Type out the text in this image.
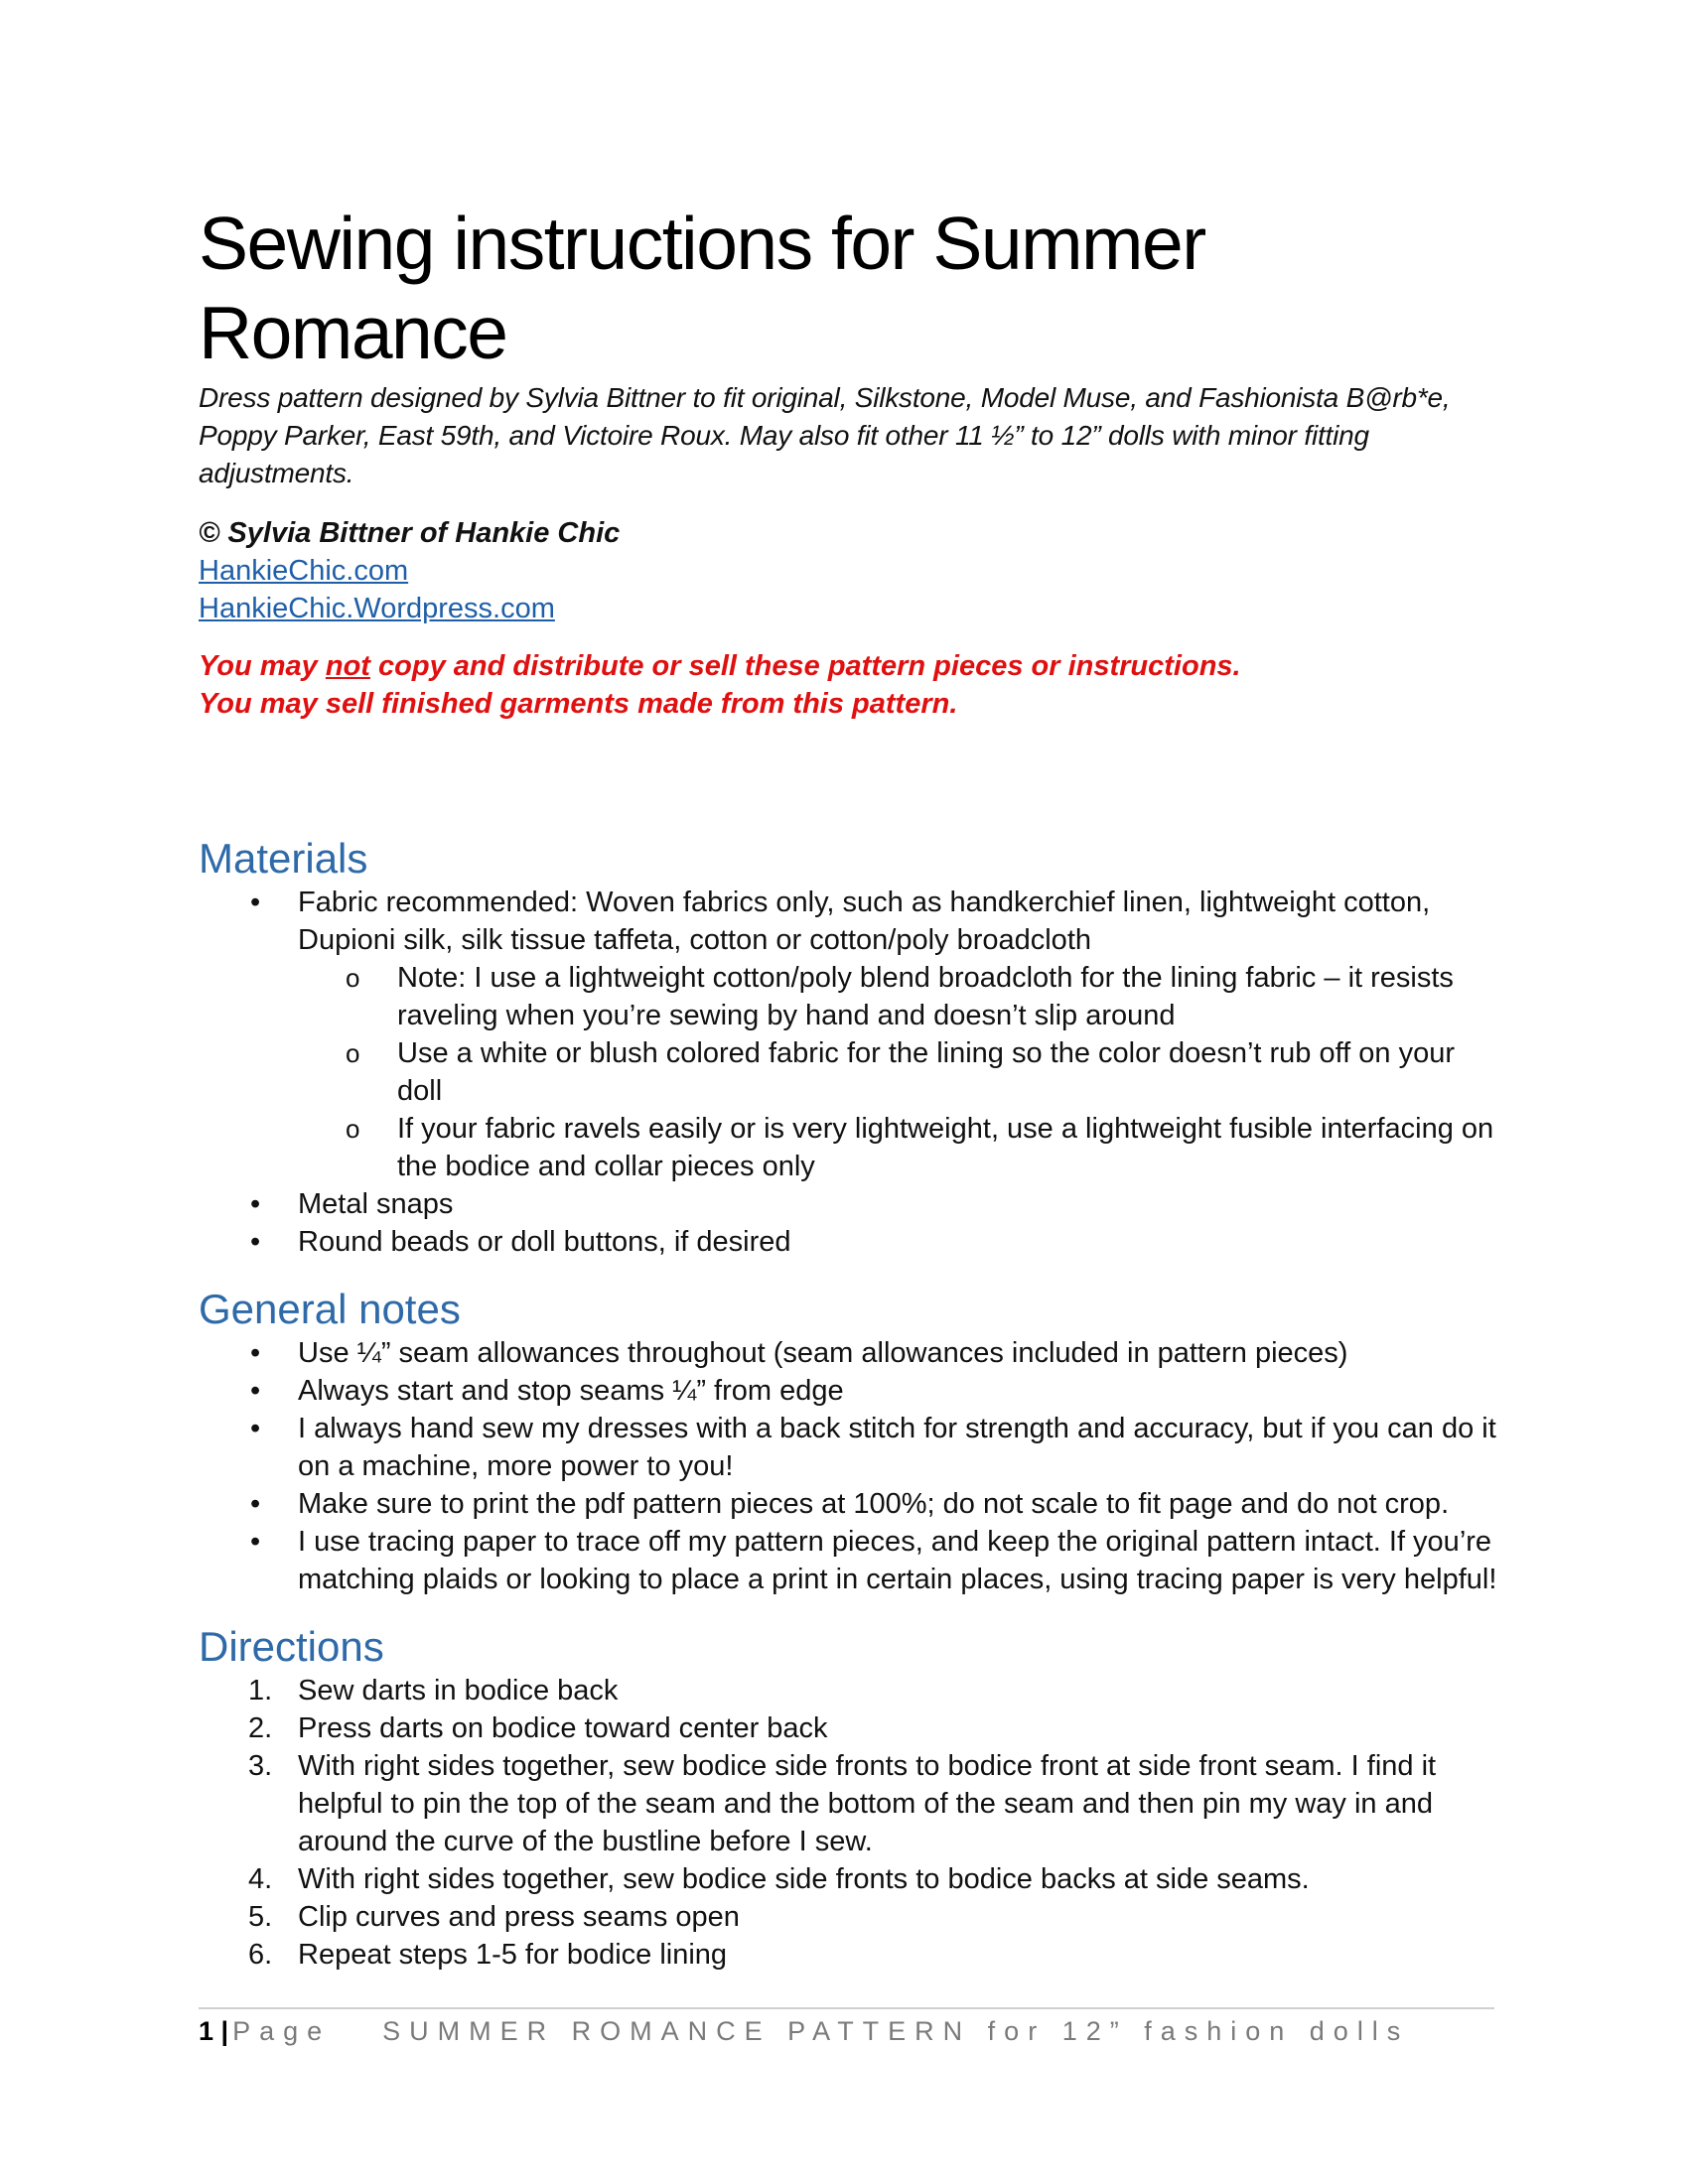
Sewing instructions for Summer Romance

Dress pattern designed by Sylvia Bittner to fit original, Silkstone, Model Muse, and Fashionista B@rb*e, Poppy Parker, East 59th, and Victoire Roux. May also fit other 11 ½” to 12” dolls with minor fitting adjustments.

© Sylvia Bittner of Hankie Chic

HankieChic.com
HankieChic.Wordpress.com

You may not copy and distribute or sell these pattern pieces or instructions.

You may sell finished garments made from this pattern.

Materials
• Fabric recommended: Woven fabrics only, such as handkerchief linen, lightweight cotton, Dupioni silk, silk tissue taffeta, cotton or cotton/poly broadcloth
o Note: I use a lightweight cotton/poly blend broadcloth for the lining fabric – it resists raveling when you’re sewing by hand and doesn’t slip around
o Use a white or blush colored fabric for the lining so the color doesn’t rub off on your doll
o If your fabric ravels easily or is very lightweight, use a lightweight fusible interfacing on the bodice and collar pieces only
• Metal snaps
• Round beads or doll buttons, if desired
General notes
• Use ¼” seam allowances throughout (seam allowances included in pattern pieces)
• Always start and stop seams ¼” from edge
• I always hand sew my dresses with a back stitch for strength and accuracy, but if you can do it on a machine, more power to you!
• Make sure to print the pdf pattern pieces at 100%; do not scale to fit page and do not crop.
• I use tracing paper to trace off my pattern pieces, and keep the original pattern intact. If you’re matching plaids or looking to place a print in certain places, using tracing paper is very helpful!
Directions
1. Sew darts in bodice back
2. Press darts on bodice toward center back
3. With right sides together, sew bodice side fronts to bodice front at side front seam. I find it helpful to pin the top of the seam and the bottom of the seam and then pin my way in and around the curve of the bustline before I sew.
4. With right sides together, sew bodice side fronts to bodice backs at side seams.
5. Clip curves and press seams open
6. Repeat steps 1-5 for bodice lining
1 | Page SUMMER ROMANCE PATTERN for 12” fashion dolls
